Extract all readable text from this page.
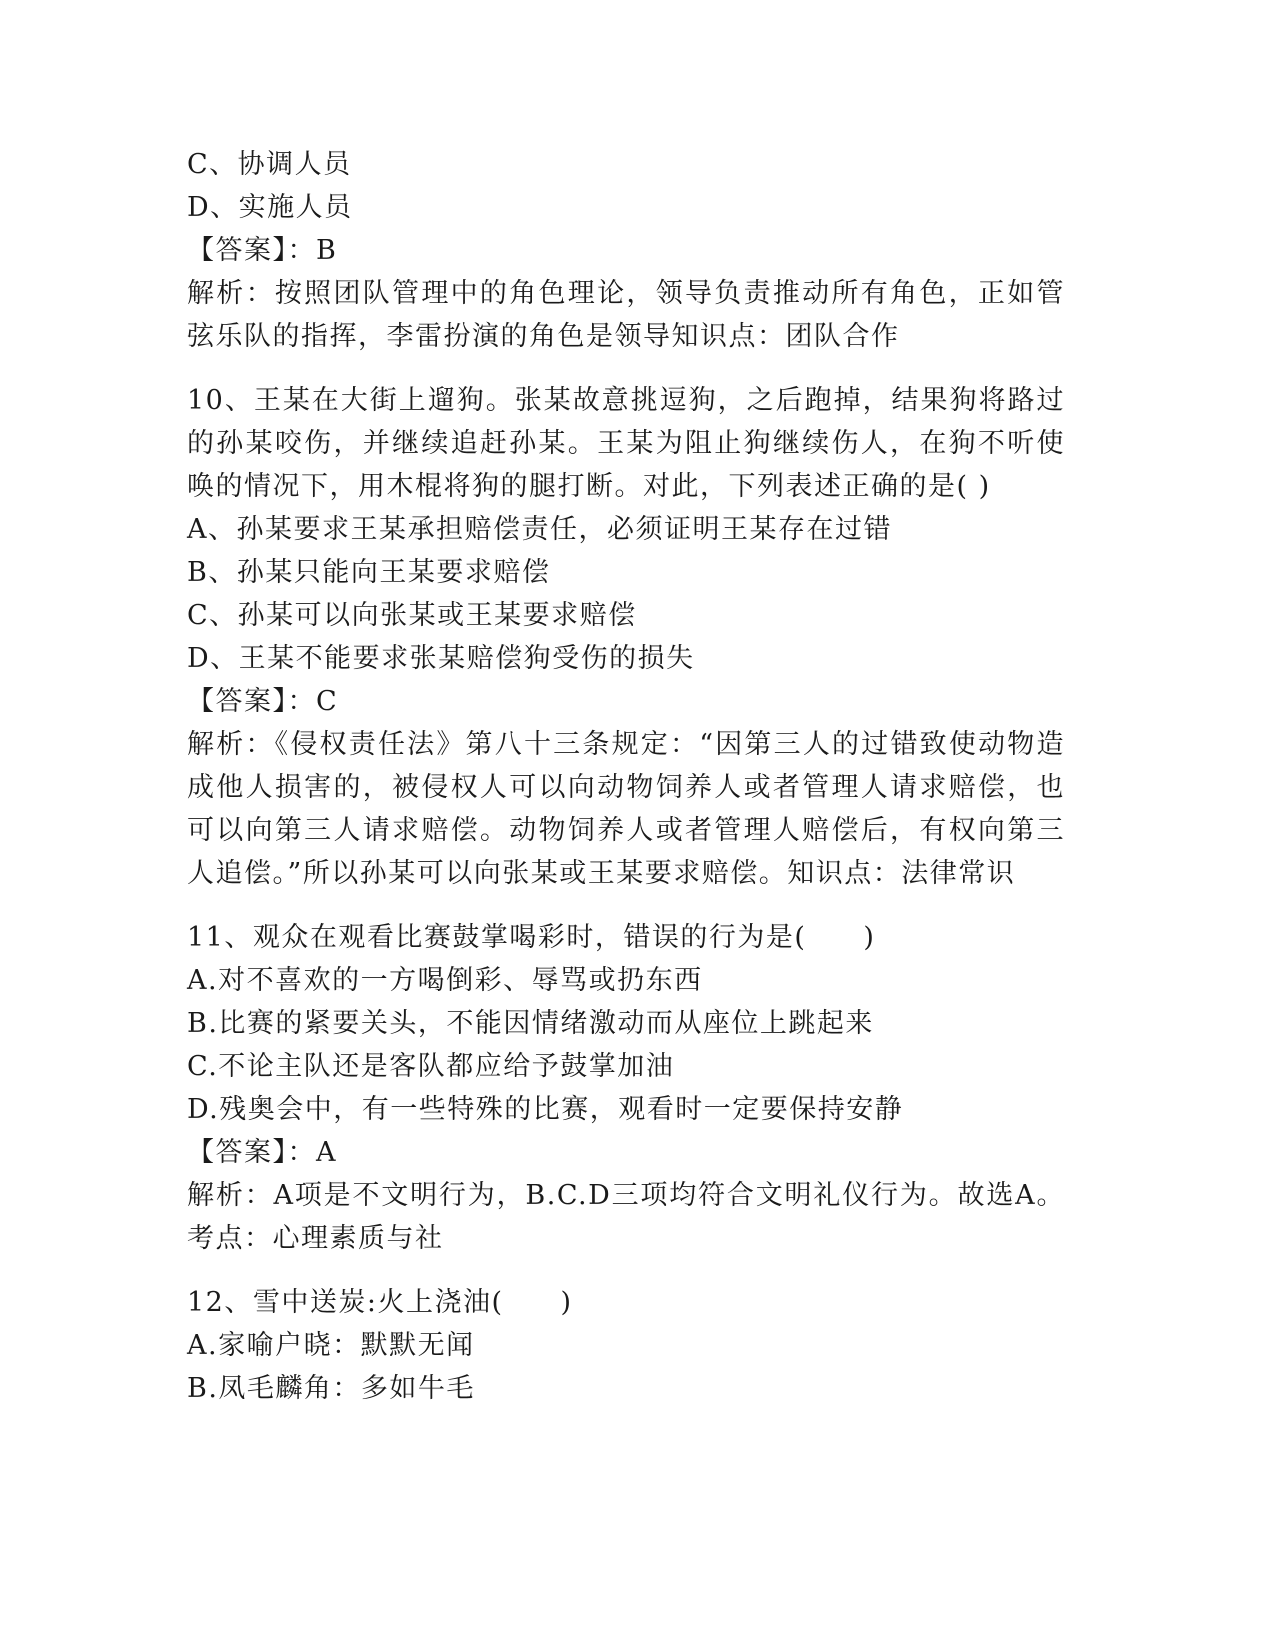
C、协调人员
D、实施人员
【答案】：B
解析：按照团队管理中的角色理论，领导负责推动所有角色，正如管弦乐队的指挥，李雷扮演的角色是领导知识点：团队合作
10、王某在大街上遛狗。张某故意挑逗狗，之后跑掉，结果狗将路过的孙某咬伤，并继续追赶孙某。王某为阻止狗继续伤人，在狗不听使唤的情况下，用木棍将狗的腿打断。对此，下列表述正确的是( )
A、孙某要求王某承担赔偿责任，必须证明王某存在过错
B、孙某只能向王某要求赔偿
C、孙某可以向张某或王某要求赔偿
D、王某不能要求张某赔偿狗受伤的损失
【答案】：C
解析：《侵权责任法》第八十三条规定：“因第三人的过错致使动物造成他人损害的，被侵权人可以向动物饲养人或者管理人请求赔偿，也可以向第三人请求赔偿。动物饲养人或者管理人赔偿后，有权向第三人追偿。”所以孙某可以向张某或王某要求赔偿。知识点：法律常识
11、观众在观看比赛鼓掌喝彩时，错误的行为是(　　)
A.对不喜欢的一方喝倒彩、辱骂或扔东西
B.比赛的紧要关头，不能因情绪激动而从座位上跳起来
C.不论主队还是客队都应给予鼓掌加油
D.残奥会中，有一些特殊的比赛，观看时一定要保持安静
【答案】：A
解析：A项是不文明行为，B.C.D三项均符合文明礼仪行为。故选A。考点：心理素质与社
12、雪中送炭:火上浇油(　　)
A.家喻户晓：默默无闻
B.凤毛麟角：多如牛毛
